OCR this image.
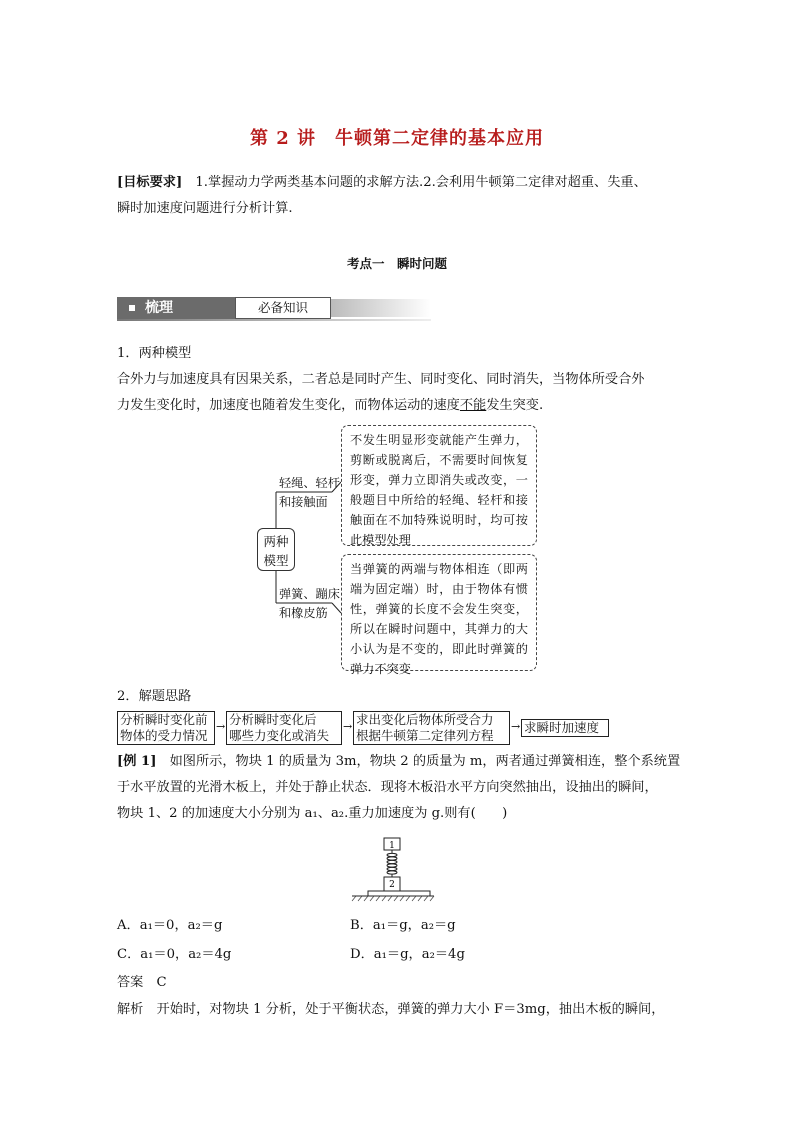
第 2 讲　牛顿第二定律的基本应用
[目标要求]　1.掌握动力学两类基本问题的求解方法.2.会利用牛顿第二定律对超重、失重、
瞬时加速度问题进行分析计算.
考点一　瞬时问题
梳理	必备知识
1．两种模型
合外力与加速度具有因果关系，二者总是同时产生、同时变化、同时消失，当物体所受合外
力发生变化时，加速度也随着发生变化，而物体运动的速度不能发生突变.
两种
模型
轻绳、轻杆
和接触面
弹簧、蹦床
和橡皮筋
不发生明显形变就能产生弹力，剪断或脱离后，不需要时间恢复形变，弹力立即消失或改变，一般题目中所给的轻绳、轻杆和接触面在不加特殊说明时，均可按此模型处理
当弹簧的两端与物体相连（即两端为固定端）时，由于物体有惯性，弹簧的长度不会发生突变，所以在瞬时问题中，其弹力的大小认为是不变的，即此时弹簧的弹力不突变
2．解题思路
分析瞬时变化前
物体的受力情况
→ 分析瞬时变化后
哪些力变化或消失
→ 求出变化后物体所受合力
根据牛顿第二定律列方程
→ 求瞬时加速度
[例 1]　如图所示，物块 1 的质量为 3m，物块 2 的质量为 m，两者通过弹簧相连，整个系统置
于水平放置的光滑木板上，并处于静止状态．现将木板沿水平方向突然抽出，设抽出的瞬间，
物块 1、2 的加速度大小分别为 a₁、a₂.重力加速度为 g.则有(　　)
1
2
A．a₁＝0，a₂＝g	B．a₁＝g，a₂＝g
C．a₁＝0，a₂＝4g	D．a₁＝g，a₂＝4g
答案　C
解析　开始时，对物块 1 分析，处于平衡状态，弹簧的弹力大小 F＝3mg，抽出木板的瞬间，
